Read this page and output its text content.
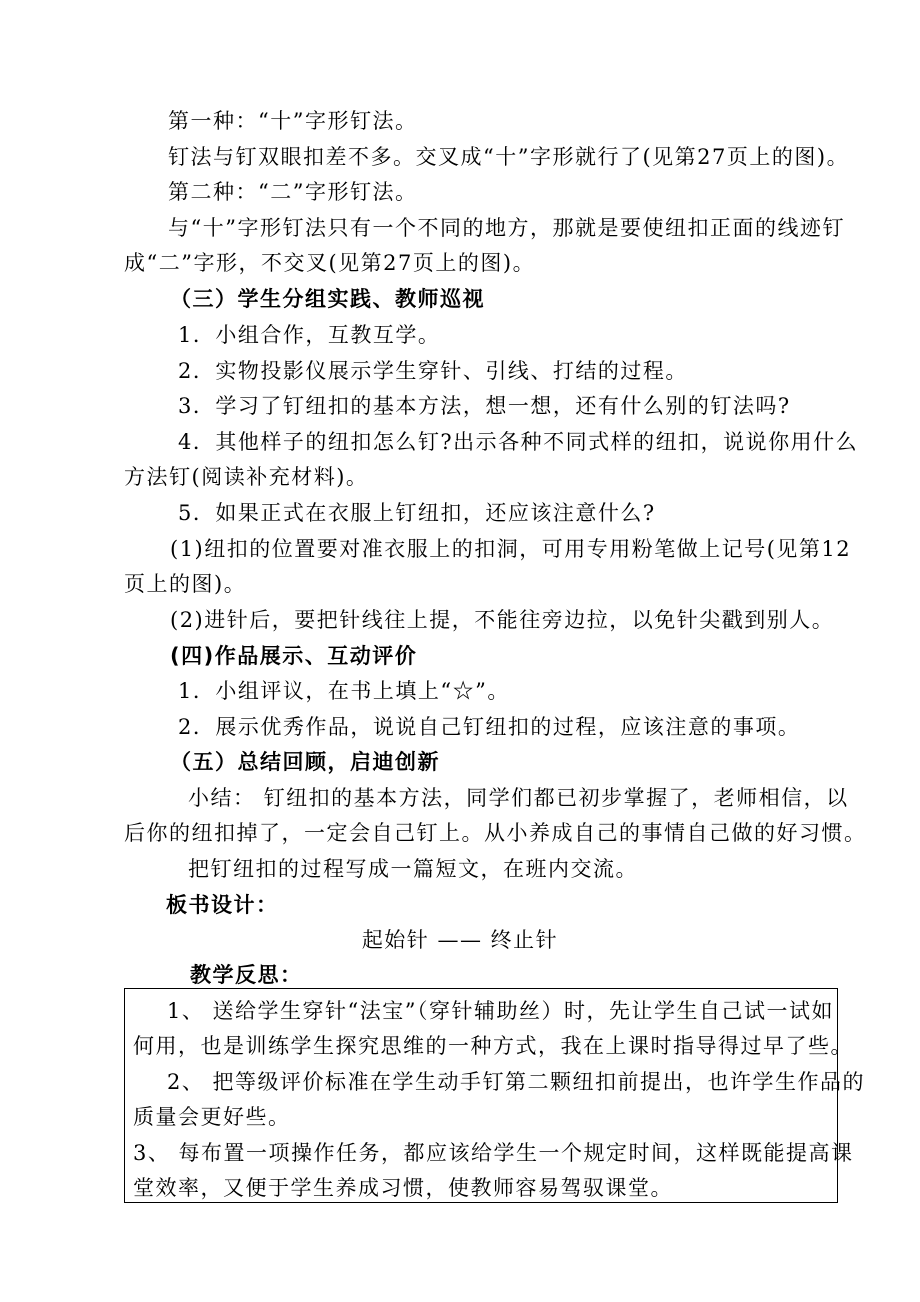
第一种：“十”字形钉法。
钉法与钉双眼扣差不多。交叉成“十”字形就行了(见第27页上的图)。
第二种：“二”字形钉法。
与“十”字形钉法只有一个不同的地方，那就是要使纽扣正面的线迹钉
成“二”字形，不交叉(见第27页上的图)。
（三）学生分组实践、教师巡视
1．小组合作，互教互学。
2．实物投影仪展示学生穿针、引线、打结的过程。
3．学习了钉纽扣的基本方法，想一想，还有什么别的钉法吗?
4．其他样子的纽扣怎么钉?出示各种不同式样的纽扣，说说你用什么
方法钉(阅读补充材料)。
5．如果正式在衣服上钉纽扣，还应该注意什么?
(1)纽扣的位置要对准衣服上的扣洞，可用专用粉笔做上记号(见第12
页上的图)。
(2)进针后，要把针线往上提，不能往旁边拉，以免针尖戳到别人。
(四)作品展示、互动评价
1．小组评议，在书上填上“☆”。
2．展示优秀作品，说说自己钉纽扣的过程，应该注意的事项。
（五）总结回顾，启迪创新
小结： 钉纽扣的基本方法，同学们都已初步掌握了，老师相信，以
后你的纽扣掉了，一定会自己钉上。从小养成自己的事情自己做的好习惯。
把钉纽扣的过程写成一篇短文，在班内交流。
板书设计：
起始针 —— 终止针
教学反思：
1、 送给学生穿针“法宝”（穿针辅助丝）时，先让学生自己试一试如
何用，也是训练学生探究思维的一种方式，我在上课时指导得过早了些。
2、 把等级评价标准在学生动手钉第二颗纽扣前提出，也许学生作品的
质量会更好些。
3、 每布置一项操作任务，都应该给学生一个规定时间，这样既能提高课
堂效率，又便于学生养成习惯，使教师容易驾驭课堂。
